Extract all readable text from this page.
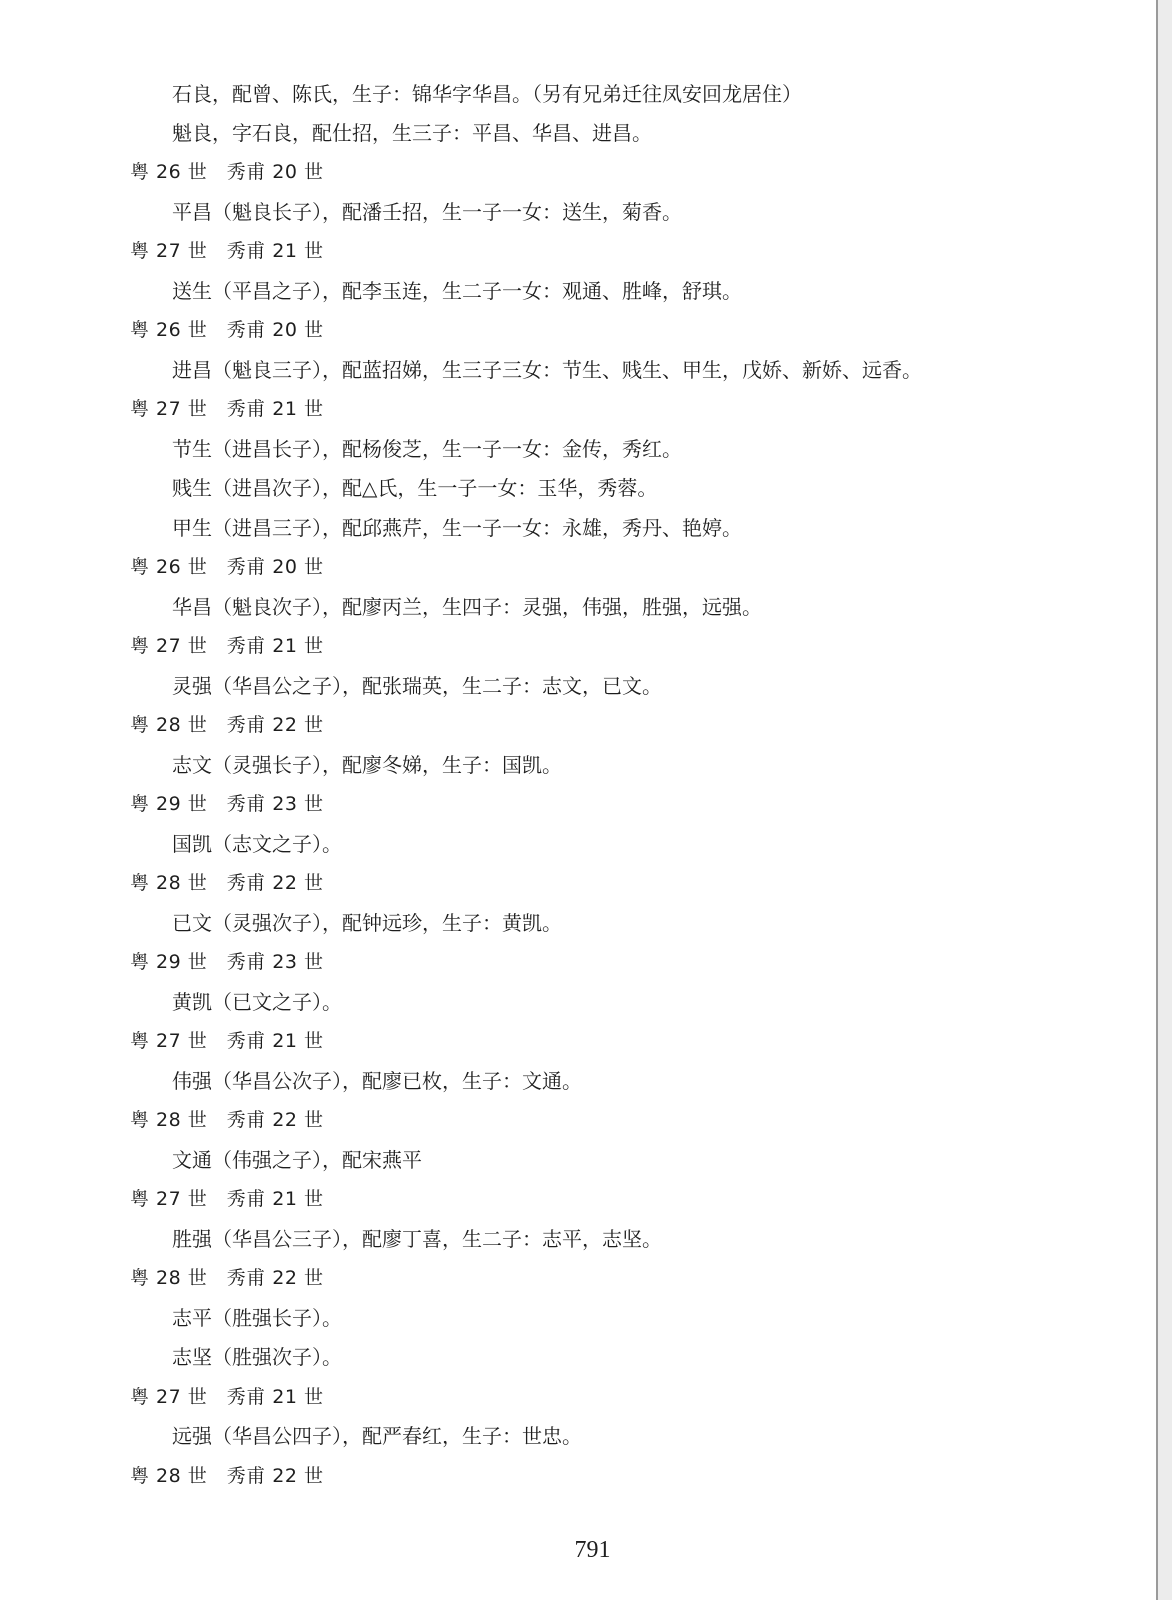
石良，配曾、陈氏，生子：锦华字华昌。（另有兄弟迁往凤安回龙居住）
魁良，字石良，配仕招，生三子：平昌、华昌、进昌。
粤 26 世　秀甫 20 世
平昌（魁良长子），配潘壬招，生一子一女：送生，菊香。
粤 27 世　秀甫 21 世
送生（平昌之子），配李玉连，生二子一女：观通、胜峰，舒琪。
粤 26 世　秀甫 20 世
进昌（魁良三子），配蓝招娣，生三子三女：节生、贱生、甲生，戊娇、新娇、远香。
粤 27 世　秀甫 21 世
节生（进昌长子），配杨俊芝，生一子一女：金传，秀红。
贱生（进昌次子），配△氏，生一子一女：玉华，秀蓉。
甲生（进昌三子），配邱燕芹，生一子一女：永雄，秀丹、艳婷。
粤 26 世　秀甫 20 世
华昌（魁良次子），配廖丙兰，生四子：灵强，伟强，胜强，远强。
粤 27 世　秀甫 21 世
灵强（华昌公之子），配张瑞英，生二子：志文，已文。
粤 28 世　秀甫 22 世
志文（灵强长子），配廖冬娣，生子：国凯。
粤 29 世　秀甫 23 世
国凯（志文之子）。
粤 28 世　秀甫 22 世
已文（灵强次子），配钟远珍，生子：黄凯。
粤 29 世　秀甫 23 世
黄凯（已文之子）。
粤 27 世　秀甫 21 世
伟强（华昌公次子），配廖已枚，生子：文通。
粤 28 世　秀甫 22 世
文通（伟强之子），配宋燕平
粤 27 世　秀甫 21 世
胜强（华昌公三子），配廖丁喜，生二子：志平，志坚。
粤 28 世　秀甫 22 世
志平（胜强长子）。
志坚（胜强次子）。
粤 27 世　秀甫 21 世
远强（华昌公四子），配严春红，生子：世忠。
粤 28 世　秀甫 22 世
791
